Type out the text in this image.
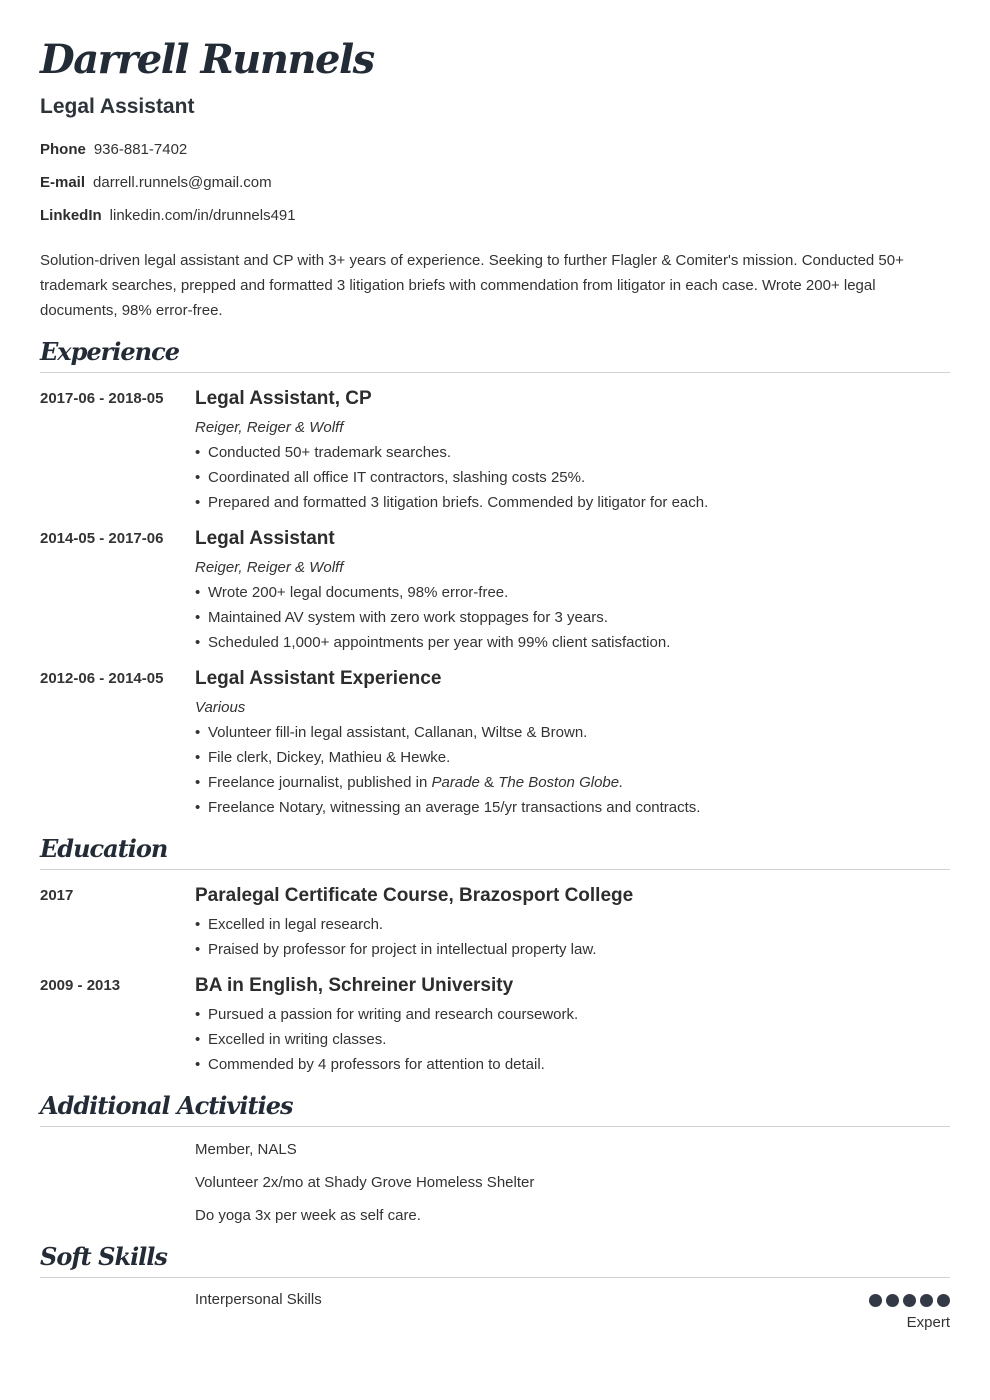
Darrell Runnels
Legal Assistant
Phone 936-881-7402
E-mail darrell.runnels@gmail.com
LinkedIn linkedin.com/in/drunnels491

Solution-driven legal assistant and CP with 3+ years of experience. Seeking to further Flagler & Comiter's mission. Conducted 50+ trademark searches, prepped and formatted 3 litigation briefs with commendation from litigator in each case. Wrote 200+ legal documents, 98% error-free.

Experience
2017-06 - 2018-05 Legal Assistant, CP
Reiger, Reiger & Wolff
• Conducted 50+ trademark searches.
• Coordinated all office IT contractors, slashing costs 25%.
• Prepared and formatted 3 litigation briefs. Commended by litigator for each.
2014-05 - 2017-06 Legal Assistant
Reiger, Reiger & Wolff
• Wrote 200+ legal documents, 98% error-free.
• Maintained AV system with zero work stoppages for 3 years.
• Scheduled 1,000+ appointments per year with 99% client satisfaction.
2012-06 - 2014-05 Legal Assistant Experience
Various
• Volunteer fill-in legal assistant, Callanan, Wiltse & Brown.
• File clerk, Dickey, Mathieu & Hewke.
• Freelance journalist, published in Parade & The Boston Globe.
• Freelance Notary, witnessing an average 15/yr transactions and contracts.
Education
2017	Paralegal Certificate Course, Brazosport College
• Excelled in legal research.
• Praised by professor for project in intellectual property law.
2009 - 2013	BA in English, Schreiner University
• Pursued a passion for writing and research coursework.
• Excelled in writing classes.
• Commended by 4 professors for attention to detail.
Additional Activities
Member, NALS
Volunteer 2x/mo at Shady Grove Homeless Shelter
Do yoga 3x per week as self care.
Soft Skills
Interpersonal Skills
Expert
